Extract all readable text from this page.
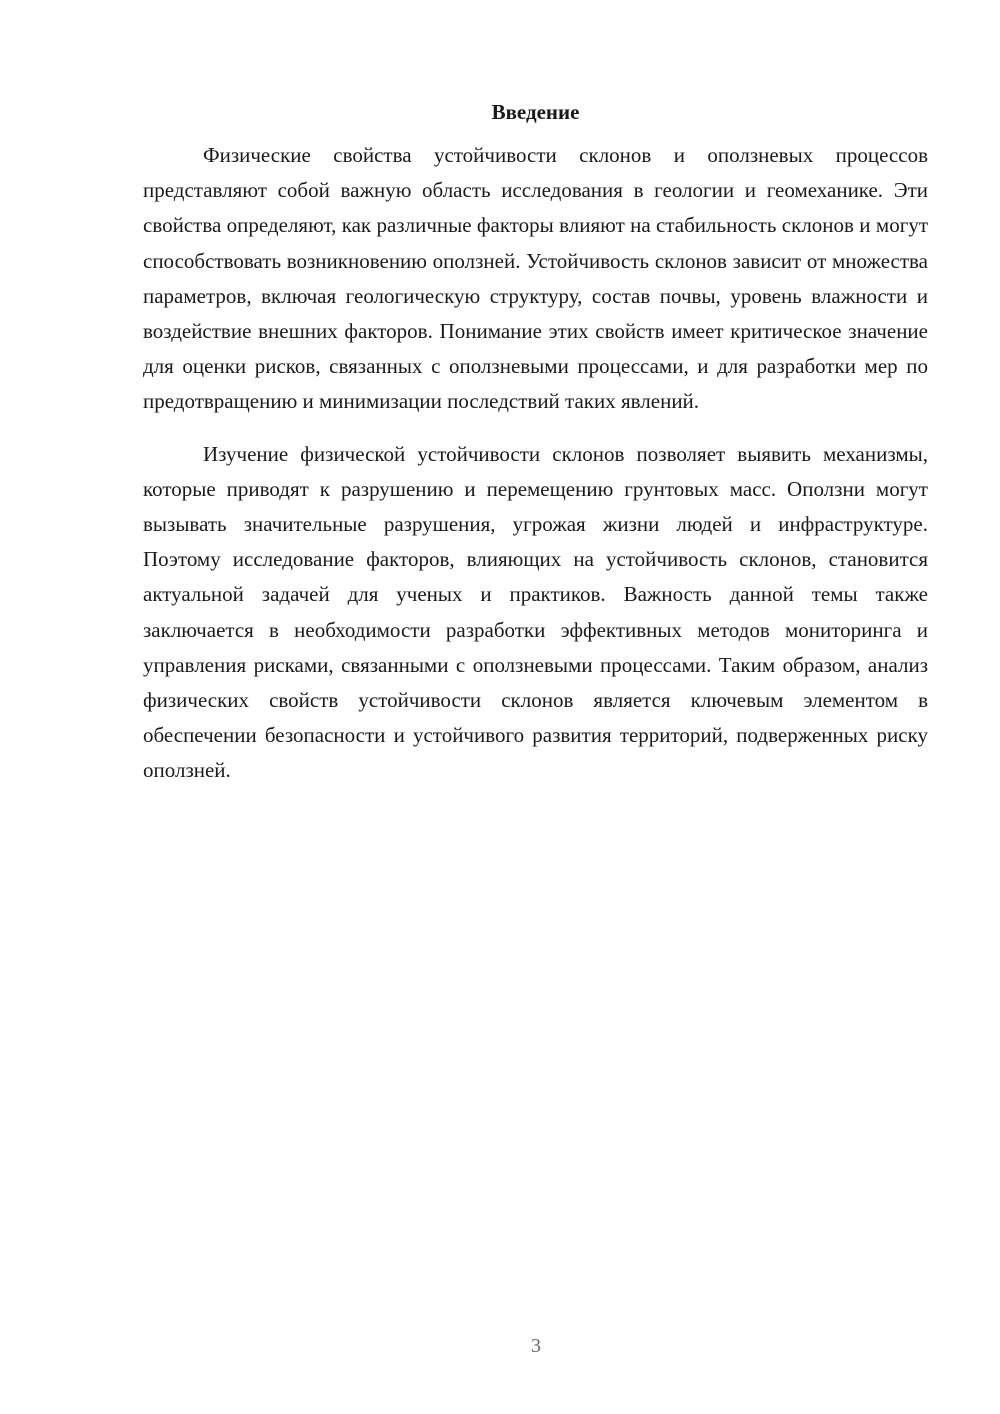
Введение

Физические свойства устойчивости склонов и оползневых процессов представляют собой важную область исследования в геологии и геомеханике. Эти свойства определяют, как различные факторы влияют на стабильность склонов и могут способствовать возникновению оползней. Устойчивость склонов зависит от множества параметров, включая геологическую структуру, состав почвы, уровень влажности и воздействие внешних факторов. Понимание этих свойств имеет критическое значение для оценки рисков, связанных с оползневыми процессами, и для разработки мер по предотвращению и минимизации последствий таких явлений.

Изучение физической устойчивости склонов позволяет выявить механизмы, которые приводят к разрушению и перемещению грунтовых масс. Оползни могут вызывать значительные разрушения, угрожая жизни людей и инфраструктуре. Поэтому исследование факторов, влияющих на устойчивость склонов, становится актуальной задачей для ученых и практиков. Важность данной темы также заключается в необходимости разработки эффективных методов мониторинга и управления рисками, связанными с оползневыми процессами. Таким образом, анализ физических свойств устойчивости склонов является ключевым элементом в обеспечении безопасности и устойчивого развития территорий, подверженных риску оползней.

3
